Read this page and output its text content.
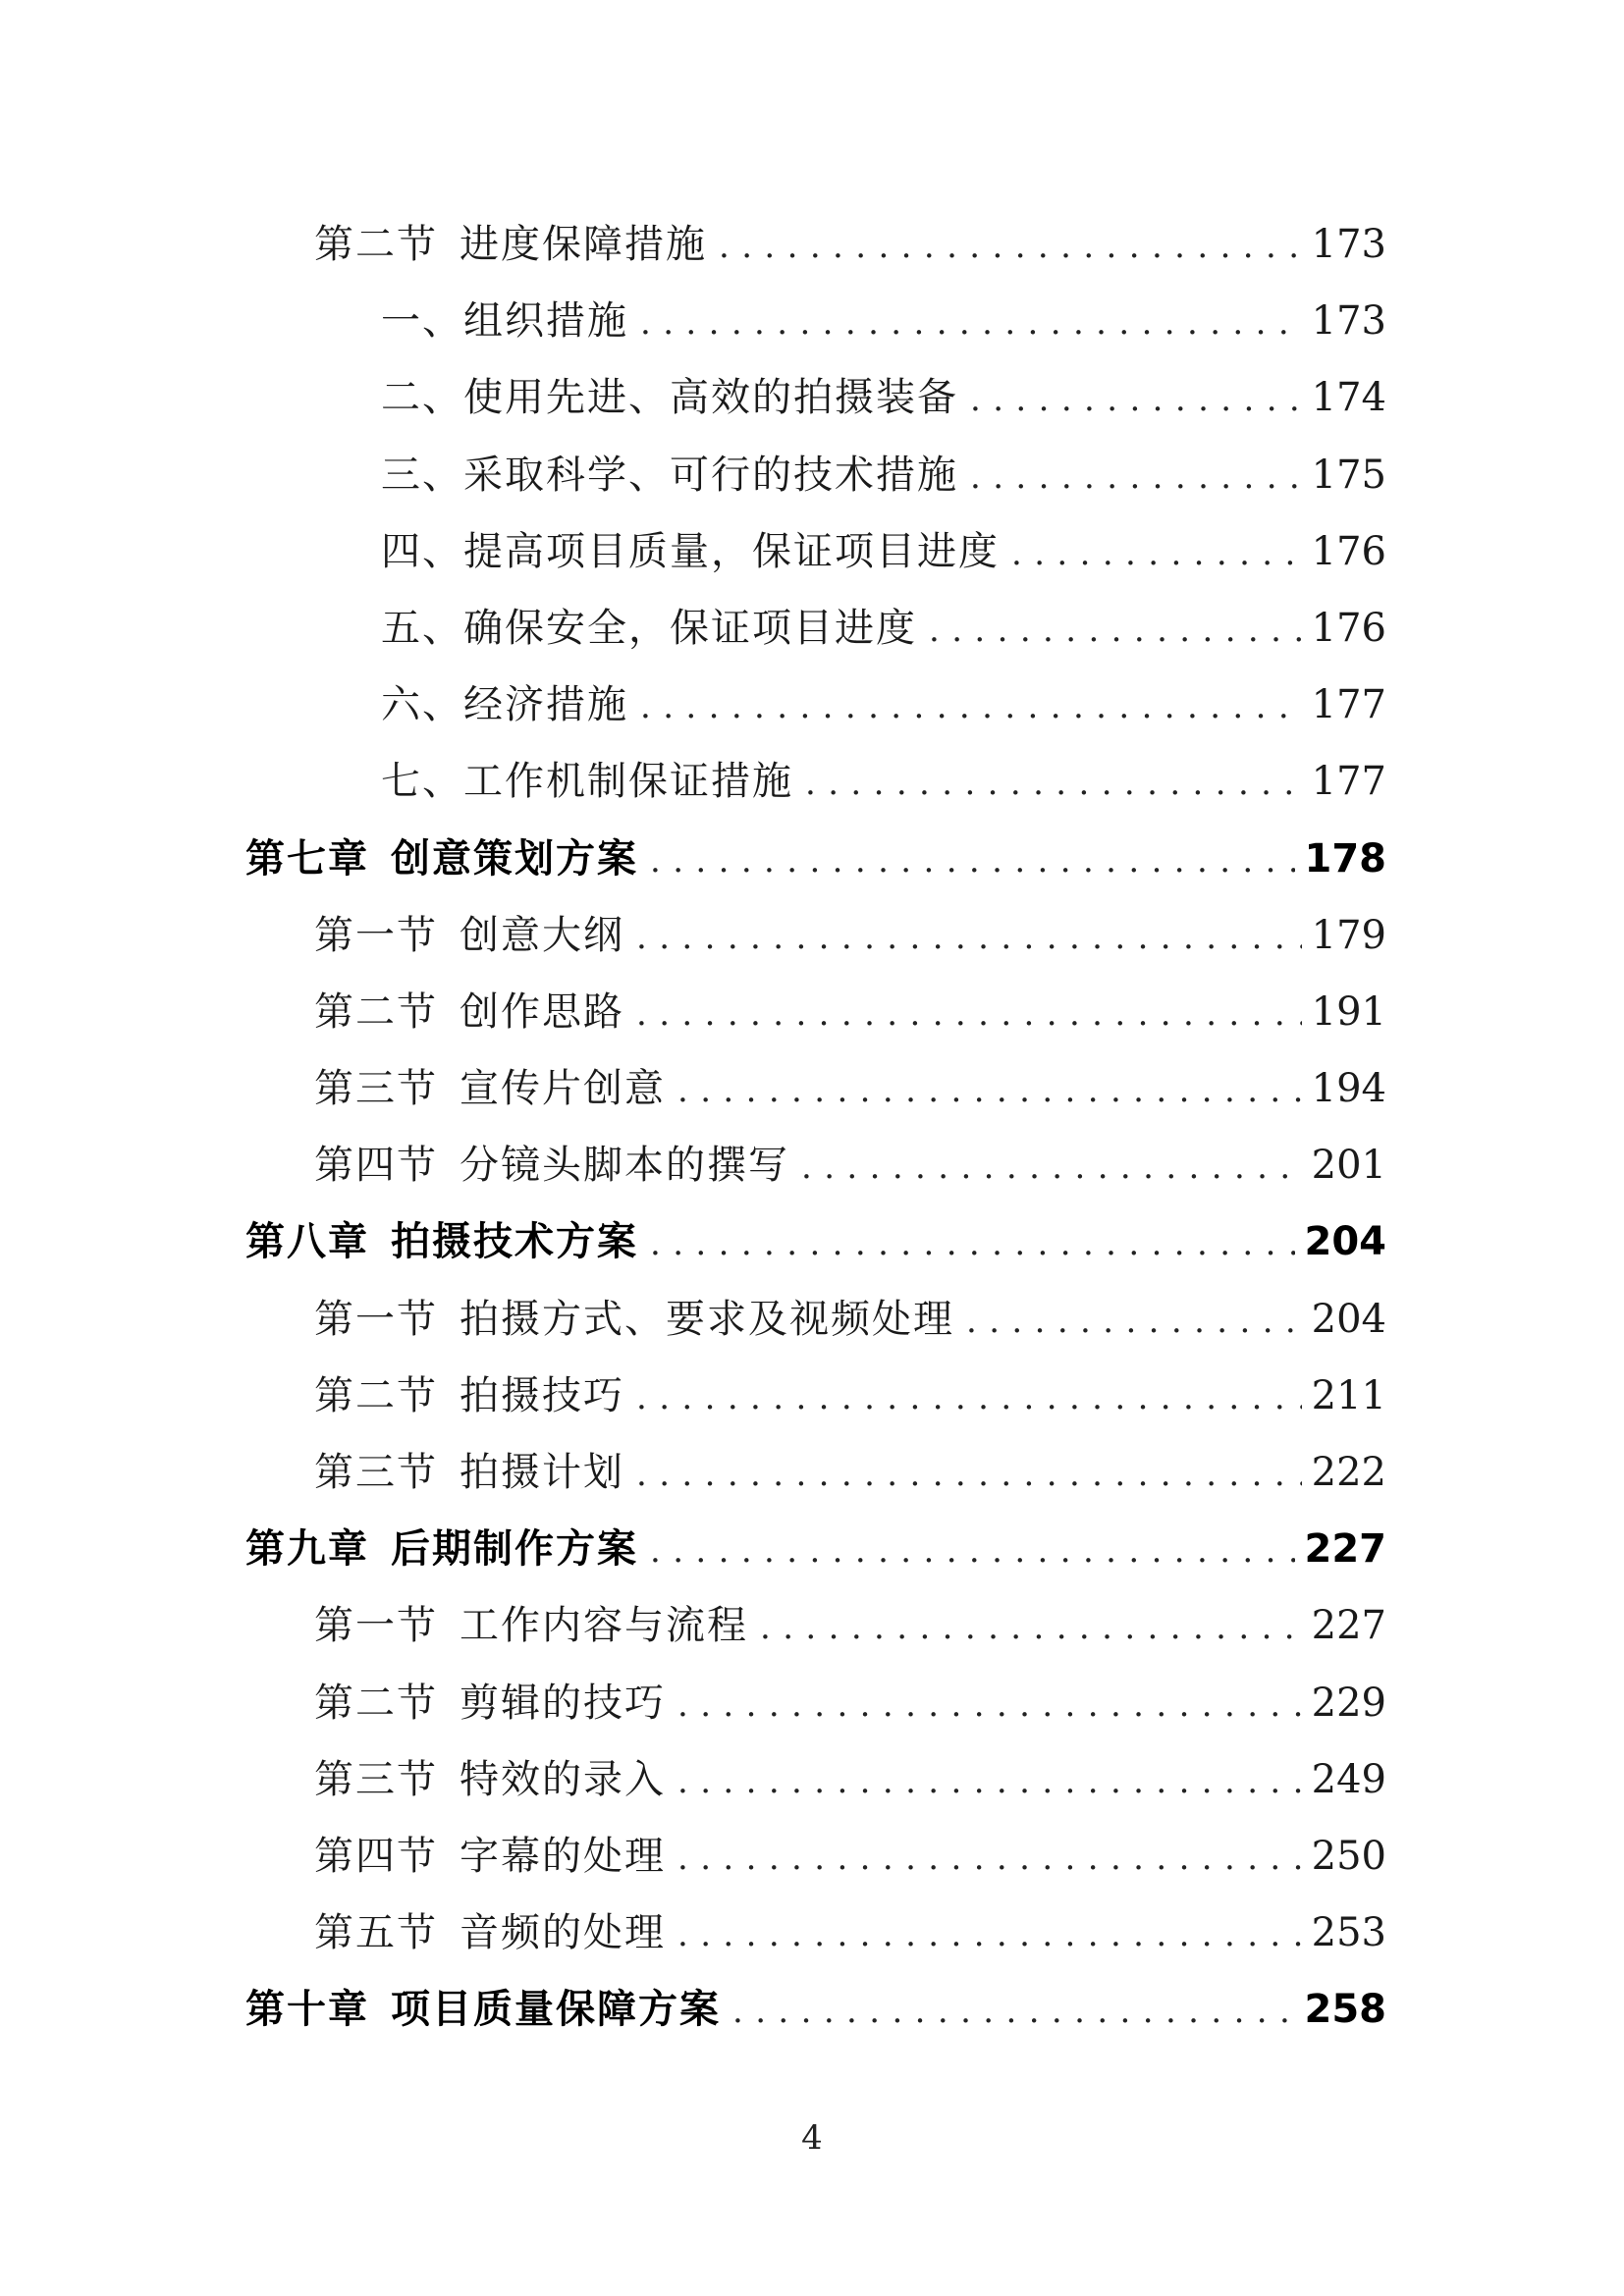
第二节 进度保障措施 .....	173
一、组织措施 .....	173
二、使用先进、高效的拍摄装备 .....	174
三、采取科学、可行的技术措施 .....	175
四、提高项目质量，保证项目进度 .....	176
五、确保安全，保证项目进度 .....	176
六、经济措施 .....	177
七、工作机制保证措施 .....	177
第七章 创意策划方案 .....	178
第一节 创意大纲 .....	179
第二节 创作思路 .....	191
第三节 宣传片创意 .....	194
第四节 分镜头脚本的撰写 .....	201
第八章 拍摄技术方案 .....	204
第一节 拍摄方式、要求及视频处理 .....	204
第二节 拍摄技巧 .....	211
第三节 拍摄计划 .....	222
第九章 后期制作方案 .....	227
第一节 工作内容与流程 .....	227
第二节 剪辑的技巧 .....	229
第三节 特效的录入 .....	249
第四节 字幕的处理 .....	250
第五节 音频的处理 .....	253
第十章 项目质量保障方案 .....	258
4
